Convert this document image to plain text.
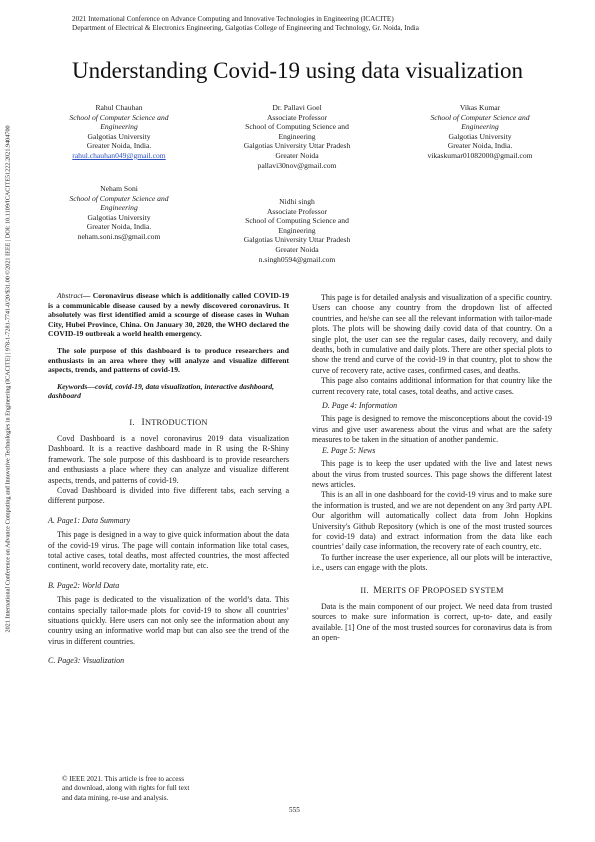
2021 International Conference on Advance Computing and Innovative Technologies in Engineering (ICACITE)
Department of Electrical & Electronics Engineering, Galgotias College of Engineering and Technology, Gr. Noida, India
2021 International Conference on Advance Computing and Innovative Technologies in Engineering (ICACITE) | 978-1-7281-7741-0/20/$31.00 ©2021 IEEE | DOI: 10.1109/ICACITE51222.2021.9404700
Understanding Covid-19 using data visualization
Rahul Chauhan
School of Computer Science and
Engineering
Galgotias University
Greater Noida, India.
rahul.chauhan049@gmail.com
Dr. Pallavi Goel
Associate Professor
School of Computing Science and
Engineering
Galgotias University Uttar Pradesh
Greater Noida
pallavi30nov@gmail.com
Vikas Kumar
School of Computer Science and
Engineering
Galgotias University
Greater Noida, India.
vikaskumar01082000@gmail.com
Neham Soni
School of Computer Science and
Engineering
Galgotias University
Greater Noida, India.
neham.soni.ns@gmail.com
Nidhi singh
Associate Professor
School of Computing Science and
Engineering
Galgotias University Uttar Pradesh
Greater Noida
n.singh0594@gmail.com

Abstract— Coronavirus disease which is additionally called COVID-19 is a communicable disease caused by a newly discovered coronavirus. It absolutely was first identified amid a scourge of disease cases in Wuhan City, Hubei Province, China. On January 30, 2020, the WHO declared the COVID-19 outbreak a world health emergency.

The sole purpose of this dashboard is to produce researchers and enthusiasts in an area where they will analyze and visualize different aspects, trends, and patterns of covid-19.

Keywords—covid, covid-19, data visualization, interactive dashboard, dashboard
I. INTRODUCTION

Covd Dashboard is a novel coronavirus 2019 data visualization Dashboard. It is a reactive dashboard made in R using the R-Shiny framework. The sole purpose of this dashboard is to provide researchers and enthusiasts a place where they can analyze and visualize different aspects, trends, and patterns of covid-19.

Covad Dashboard is divided into five different tabs, each serving a different purpose.

A. Page1: Data Summary

This page is designed in a way to give quick information about the data of the covid-19 virus. The page will contain information like total cases, total active cases, total deaths, most affected countries, the most affected continent, world recovery date, mortality rate, etc.

B. Page2: World Data

This page is dedicated to the visualization of the world’s data. This contains specially tailor-made plots for covid-19 to show all countries’ situations quickly. Here users can not only see the information about any country using an informative world map but can also see the trend of the virus in different countries.

C. Page3: Visualization

© IEEE 2021. This article is free to access
and download, along with rights for full text
and data mining, re-use and analysis.

This page is for detailed analysis and visualization of a specific country. Users can choose any country from the dropdown list of affected countries, and he/she can see all the relevant information with tailor-made plots. The plots will be showing daily covid data of that country. On a single plot, the user can see the regular cases, daily recovery, and daily deaths, both in cumulative and daily plots. There are other special plots to show the trend and curve of the covid-19 in that country, plot to show the curve of recovery rate, active cases, confirmed cases, and deaths.

This page also contains additional information for that country like the current recovery rate, total cases, total deaths, and active cases.

D. Page 4: Information

This page is designed to remove the misconceptions about the covid-19 virus and give user awareness about the virus and what are the safety measures to be taken in the situation of another pandemic.

E. Page 5: News

This page is to keep the user updated with the live and latest news about the virus from trusted sources. This page shows the different latest news articles.

This is an all in one dashboard for the covid-19 virus and to make sure the information is trusted, and we are not dependent on any 3rd party API. Our algorithm will automatically collect data from John Hopkins University's Github Repository (which is one of the most trusted sources for covid-19 data) and extract information from the data like each countries’ daily case information, the recovery rate of each country, etc.

To further increase the user experience, all our plots will be interactive, i.e., users can engage with the plots.

II. MERITS OF PROPOSED SYSTEM

Data is the main component of our project. We need data from trusted sources to make sure information is correct, up-to- date, and easily available. [1] One of the most trusted sources for coronavirus data is from an open-

555
